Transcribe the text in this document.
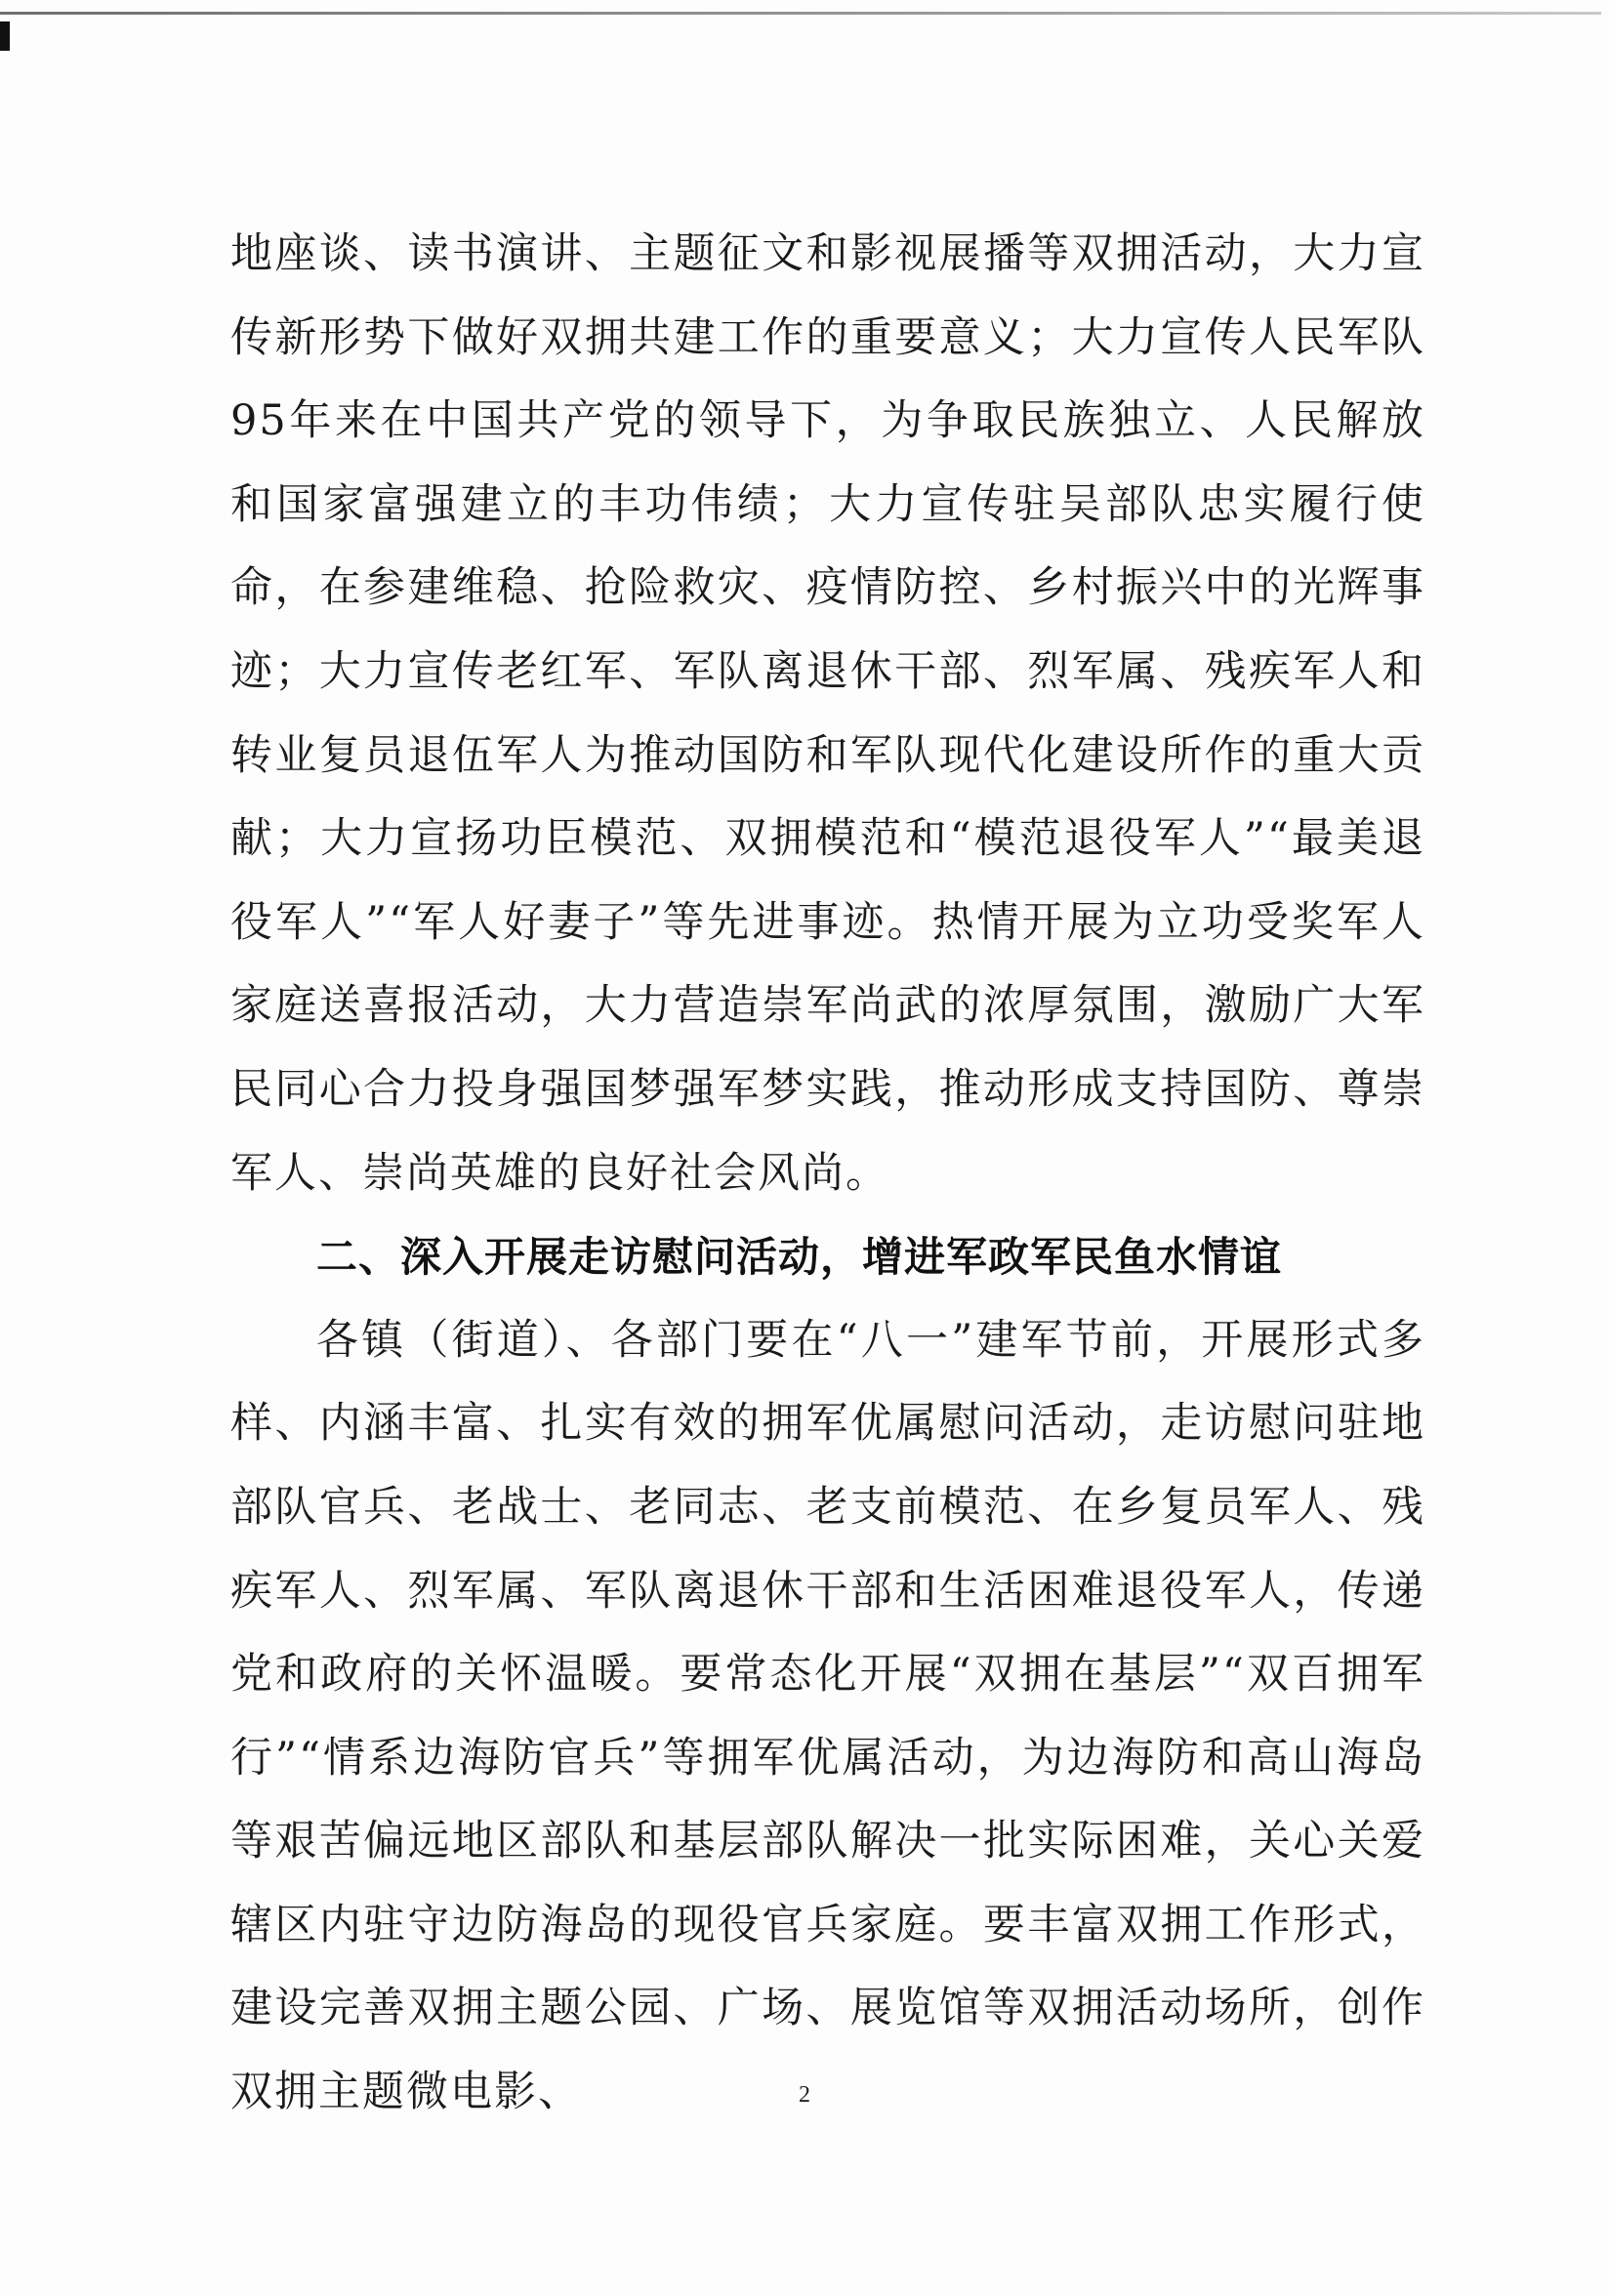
地座谈、读书演讲、主题征文和影视展播等双拥活动，大力宣传新形势下做好双拥共建工作的重要意义；大力宣传人民军队95年来在中国共产党的领导下，为争取民族独立、人民解放和国家富强建立的丰功伟绩；大力宣传驻吴部队忠实履行使命，在参建维稳、抢险救灾、疫情防控、乡村振兴中的光辉事迹；大力宣传老红军、军队离退休干部、烈军属、残疾军人和转业复员退伍军人为推动国防和军队现代化建设所作的重大贡献；大力宣扬功臣模范、双拥模范和“模范退役军人”“最美退役军人”“军人好妻子”等先进事迹。热情开展为立功受奖军人家庭送喜报活动，大力营造崇军尚武的浓厚氛围，激励广大军民同心合力投身强国梦强军梦实践，推动形成支持国防、尊崇军人、崇尚英雄的良好社会风尚。

二、深入开展走访慰问活动，增进军政军民鱼水情谊

各镇（街道）、各部门要在“八一”建军节前，开展形式多样、内涵丰富、扎实有效的拥军优属慰问活动，走访慰问驻地部队官兵、老战士、老同志、老支前模范、在乡复员军人、残疾军人、烈军属、军队离退休干部和生活困难退役军人，传递党和政府的关怀温暖。要常态化开展“双拥在基层”“双百拥军行”“情系边海防官兵”等拥军优属活动，为边海防和高山海岛等艰苦偏远地区部队和基层部队解决一批实际困难，关心关爱辖区内驻守边防海岛的现役官兵家庭。要丰富双拥工作形式，建设完善双拥主题公园、广场、展览馆等双拥活动场所，创作双拥主题微电影、	2
